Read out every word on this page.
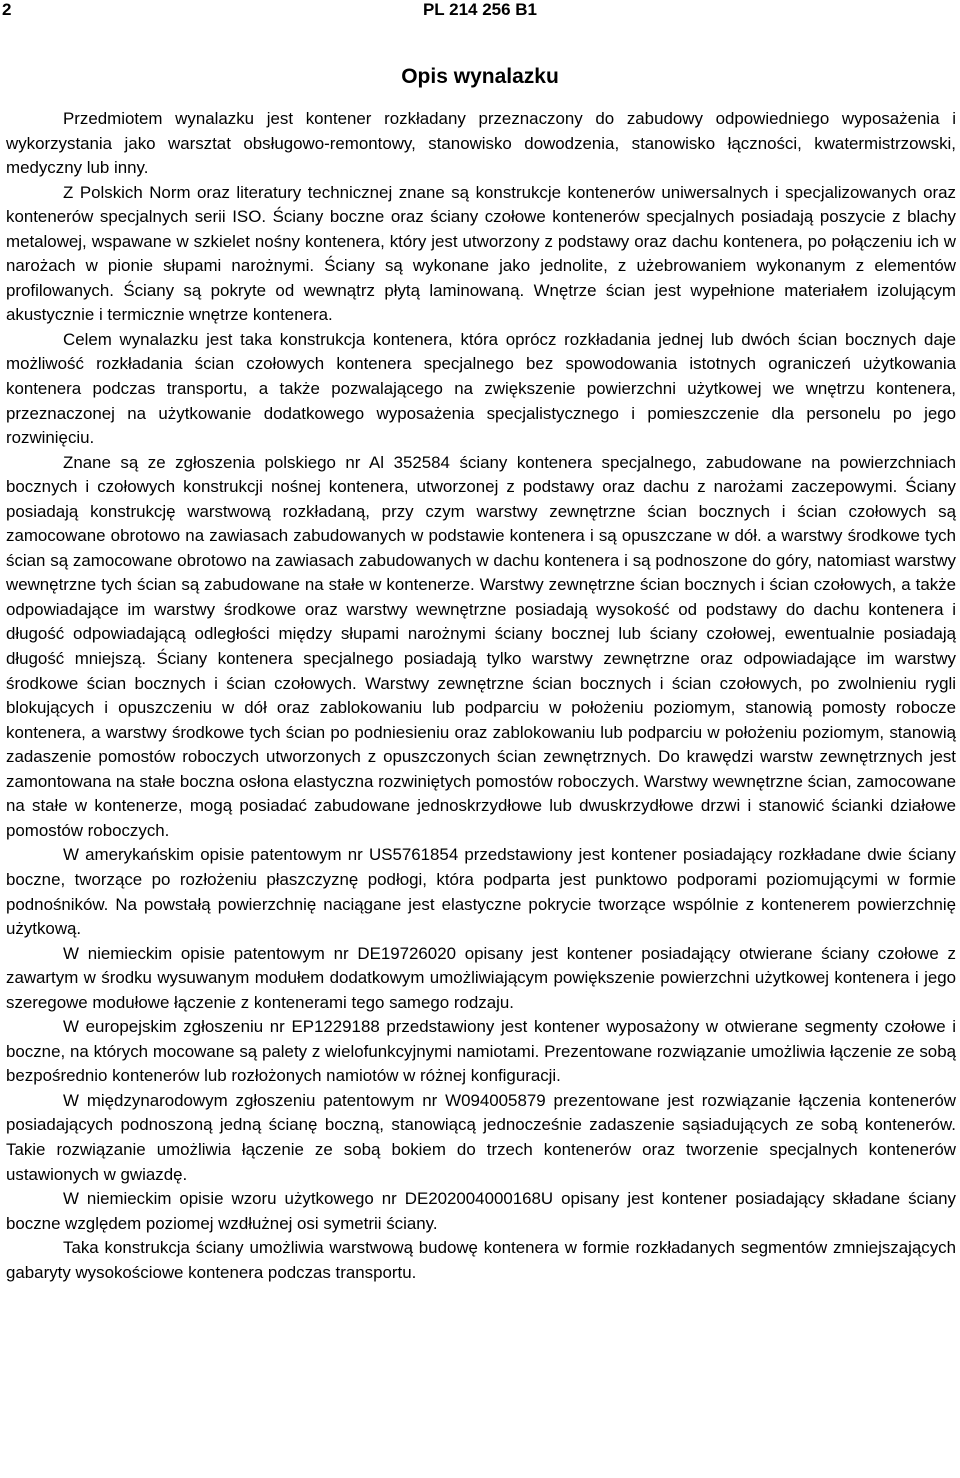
2	PL 214 256 B1
Opis wynalazku

Przedmiotem wynalazku jest kontener rozkładany przeznaczony do zabudowy odpowiedniego wyposażenia i wykorzystania jako warsztat obsługowo-remontowy, stanowisko dowodzenia, stanowisko łączności, kwatermistrzowski, medyczny lub inny.

Z Polskich Norm oraz literatury technicznej znane są konstrukcje kontenerów uniwersalnych i specjalizowanych oraz kontenerów specjalnych serii ISO. Ściany boczne oraz ściany czołowe kontenerów specjalnych posiadają poszycie z blachy metalowej, wspawane w szkielet nośny kontenera, który jest utworzony z podstawy oraz dachu kontenera, po połączeniu ich w narożach w pionie słupami narożnymi. Ściany są wykonane jako jednolite, z użebrowaniem wykonanym z elementów profilowanych. Ściany są pokryte od wewnątrz płytą laminowaną. Wnętrze ścian jest wypełnione materiałem izolującym akustycznie i termicznie wnętrze kontenera.

Celem wynalazku jest taka konstrukcja kontenera, która oprócz rozkładania jednej lub dwóch ścian bocznych daje możliwość rozkładania ścian czołowych kontenera specjalnego bez spowodowania istotnych ograniczeń użytkowania kontenera podczas transportu, a także pozwalającego na zwiększenie powierzchni użytkowej we wnętrzu kontenera, przeznaczonej na użytkowanie dodatkowego wyposażenia specjalistycznego i pomieszczenie dla personelu po jego rozwinięciu.

Znane są ze zgłoszenia polskiego nr Al 352584 ściany kontenera specjalnego, zabudowane na powierzchniach bocznych i czołowych konstrukcji nośnej kontenera, utworzonej z podstawy oraz dachu z narożami zaczepowymi. Ściany posiadają konstrukcję warstwową rozkładaną, przy czym warstwy zewnętrzne ścian bocznych i ścian czołowych są zamocowane obrotowo na zawiasach zabudowanych w podstawie kontenera i są opuszczane w dół. a warstwy środkowe tych ścian są zamocowane obrotowo na zawiasach zabudowanych w dachu kontenera i są podnoszone do góry, natomiast warstwy wewnętrzne tych ścian są zabudowane na stałe w kontenerze. Warstwy zewnętrzne ścian bocznych i ścian czołowych, a także odpowiadające im warstwy środkowe oraz warstwy wewnętrzne posiadają wysokość od podstawy do dachu kontenera i długość odpowiadającą odległości między słupami narożnymi ściany bocznej lub ściany czołowej, ewentualnie posiadają długość mniejszą. Ściany kontenera specjalnego posiadają tylko warstwy zewnętrzne oraz odpowiadające im warstwy środkowe ścian bocznych i ścian czołowych. Warstwy zewnętrzne ścian bocznych i ścian czołowych, po zwolnieniu rygli blokujących i opuszczeniu w dół oraz zablokowaniu lub podparciu w położeniu poziomym, stanowią pomosty robocze kontenera, a warstwy środkowe tych ścian po podniesieniu oraz zablokowaniu lub podparciu w położeniu poziomym, stanowią zadaszenie pomostów roboczych utworzonych z opuszczonych ścian zewnętrznych. Do krawędzi warstw zewnętrznych jest zamontowana na stałe boczna osłona elastyczna rozwiniętych pomostów roboczych. Warstwy wewnętrzne ścian, zamocowane na stałe w kontenerze, mogą posiadać zabudowane jednoskrzydłowe lub dwuskrzydłowe drzwi i stanowić ścianki działowe pomostów roboczych.

W amerykańskim opisie patentowym nr US5761854 przedstawiony jest kontener posiadający rozkładane dwie ściany boczne, tworzące po rozłożeniu płaszczyznę podłogi, która podparta jest punktowo podporami poziomującymi w formie podnośników. Na powstałą powierzchnię naciągane jest elastyczne pokrycie tworzące wspólnie z kontenerem powierzchnię użytkową.

W niemieckim opisie patentowym nr DE19726020 opisany jest kontener posiadający otwierane ściany czołowe z zawartym w środku wysuwanym modułem dodatkowym umożliwiającym powiększenie powierzchni użytkowej kontenera i jego szeregowe modułowe łączenie z kontenerami tego samego rodzaju.

W europejskim zgłoszeniu nr EP1229188 przedstawiony jest kontener wyposażony w otwierane segmenty czołowe i boczne, na których mocowane są palety z wielofunkcyjnymi namiotami. Prezentowane rozwiązanie umożliwia łączenie ze sobą bezpośrednio kontenerów lub rozłożonych namiotów w różnej konfiguracji.

W międzynarodowym zgłoszeniu patentowym nr W094005879 prezentowane jest rozwiązanie łączenia kontenerów posiadających podnoszoną jedną ścianę boczną, stanowiącą jednocześnie zadaszenie sąsiadujących ze sobą kontenerów. Takie rozwiązanie umożliwia łączenie ze sobą bokiem do trzech kontenerów oraz tworzenie specjalnych kontenerów ustawionych w gwiazdę.

W niemieckim opisie wzoru użytkowego nr DE202004000168U opisany jest kontener posiadający składane ściany boczne względem poziomej wzdłużnej osi symetrii ściany.

Taka konstrukcja ściany umożliwia warstwową budowę kontenera w formie rozkładanych segmentów zmniejszających gabaryty wysokościowe kontenera podczas transportu.
